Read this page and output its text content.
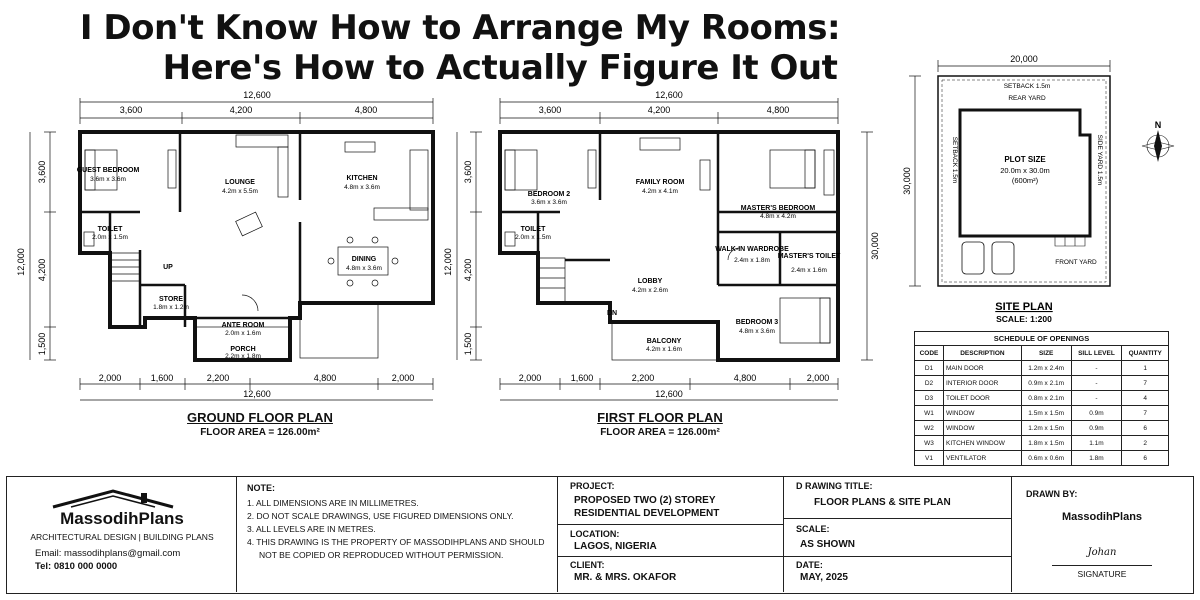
I Don't Know How to Arrange My Rooms:
Here's How to Actually Figure It Out
12,600
3,600	4,200	4,800
12,000
3,600
4,200
1,500
GUEST BEDROOM
3.6m x 3.6m	LOUNGE
4.2m x 5.5m
KITCHEN
4.8m x 3.6m
TOILET
2.0m x 1.5m
DINING
4.8m x 3.6m
STORE
1.8m x 1.2m
ANTE ROOM
2.0m x 1.6m
PORCH
2.2m x 1.8m
UP
2,000	1,600	2,200	4,800	2,000
12,600
12,600
3,600	4,200	4,800
12,000
3,600
4,200
1,500
30,000
BEDROOM 2
3.6m x 3.6m
FAMILY ROOM
4.2m x 4.1m
MASTER'S BEDROOM
4.8m x 4.2m
TOILET
2.0m x 1.5m
WALK-IN WARDROBE
2.4m x 1.8m
MASTER'S TOILET
2.4m x 1.6m
LOBBY
4.2m x 2.6m
BEDROOM 3
4.8m x 3.6m
BALCONY
4.2m x 1.6m
DN
2,000	1,600	2,200	4,800	2,000
12,600
20,000
30,000
SETBACK 1.5m
REAR YARD
SETBACK 1.5m	SIDE YARD 1.5m
PLOT SIZE
20.0m x 30.0m
(600m²)
FRONT YARD
N
SITE PLAN
SCALE: 1:200
GROUND FLOOR PLAN
FLOOR AREA = 126.00m²
FIRST FLOOR PLAN
FLOOR AREA = 126.00m²
SCHEDULE OF OPENINGS
CODE	DESCRIPTION	SIZE	SILL LEVEL	QUANTITY
D1	MAIN DOOR	1.2m x 2.4m	-	1
D2	INTERIOR DOOR	0.9m x 2.1m	-	7
D3	TOILET DOOR	0.8m x 2.1m	-	4
W1	WINDOW	1.5m x 1.5m	0.9m	7
W2	WINDOW	1.2m x 1.5m	0.9m	6
W3	KITCHEN WINDOW	1.8m x 1.5m	1.1m	2
V1	VENTILATOR	0.6m x 0.6m	1.8m	6
MassodihPlans
ARCHITECTURAL DESIGN | BUILDING PLANS
Email: massodihplans@gmail.com
Tel: 0810 000 0000
NOTE:
1. ALL DIMENSIONS ARE IN MILLIMETRES.
2. DO NOT SCALE DRAWINGS, USE FIGURED DIMENSIONS ONLY.
3. ALL LEVELS ARE IN METRES.
4. THIS DRAWING IS THE PROPERTY OF MASSODIHPLANS AND SHOULD
NOT BE COPIED OR REPRODUCED WITHOUT PERMISSION.
PROJECT:
PROPOSED TWO (2) STOREY
RESIDENTIAL DEVELOPMENT
LOCATION:
LAGOS, NIGERIA
CLIENT:
MR. & MRS. OKAFOR
D RAWING TITLE:
FLOOR PLANS & SITE PLAN
SCALE:
AS SHOWN
DATE:
MAY, 2025
DRAWN BY:
MassodihPlans
Johan
SIGNATURE
